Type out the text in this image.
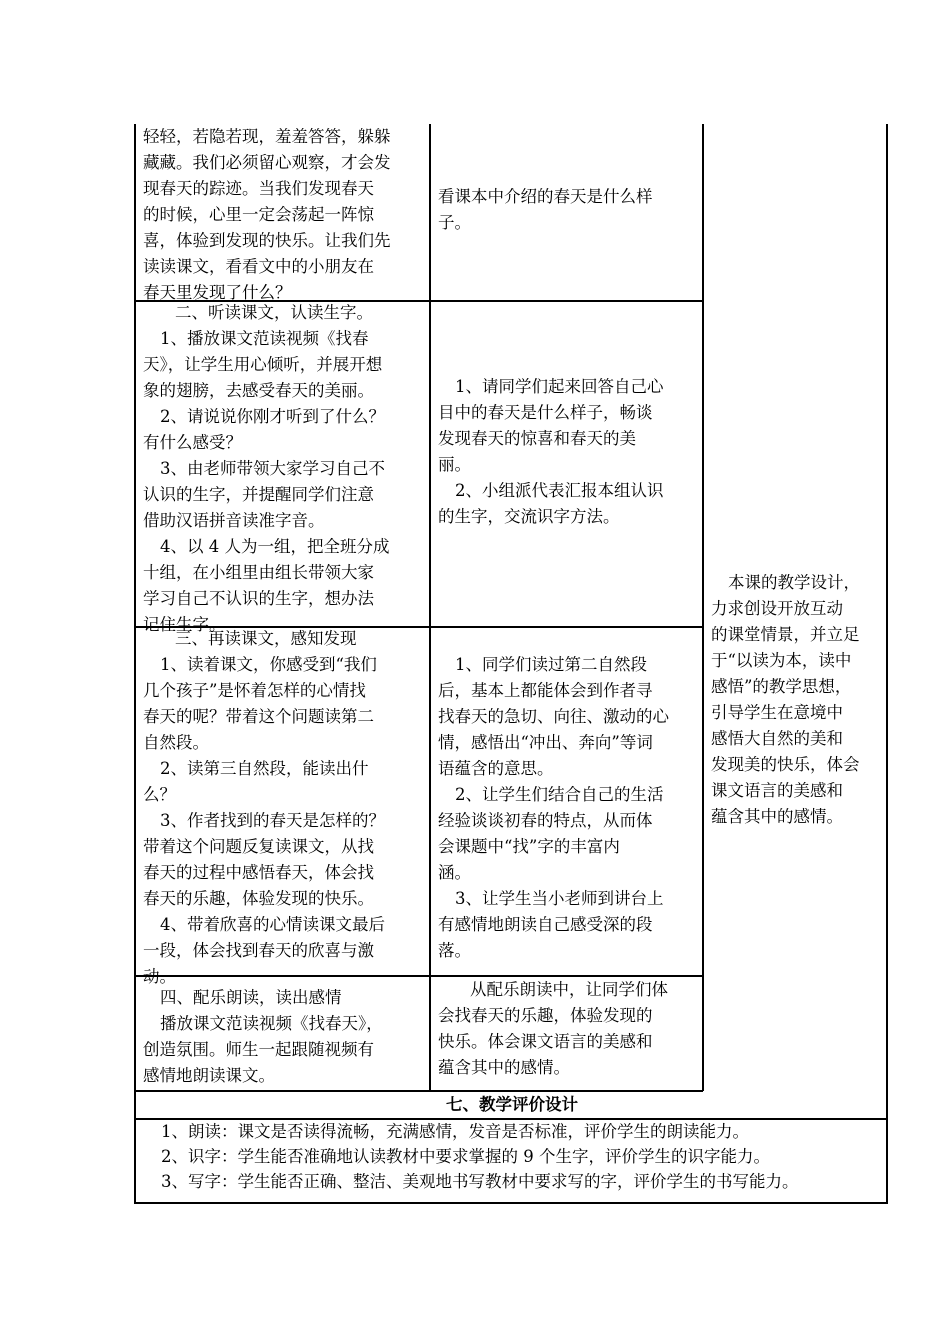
轻轻，若隐若现，羞羞答答，躲躲
藏藏。我们必须留心观察，才会发
现春天的踪迹。当我们发现春天
的时候，心里一定会荡起一阵惊
喜，体验到发现的快乐。让我们先
读读课文，看看文中的小朋友在
春天里发现了什么？
看课本中介绍的春天是什么样
子。
二、听读课文，认读生字。
1、播放课文范读视频《找春
天》，让学生用心倾听，并展开想
象的翅膀，去感受春天的美丽。
2、请说说你刚才听到了什么？
有什么感受？
3、由老师带领大家学习自己不
认识的生字，并提醒同学们注意
借助汉语拼音读准字音。
4、以 4 人为一组，把全班分成
十组，在小组里由组长带领大家
学习自己不认识的生字，想办法
记住生字。
1、请同学们起来回答自己心
目中的春天是什么样子，畅谈
发现春天的惊喜和春天的美
丽。
2、小组派代表汇报本组认识
的生字，交流识字方法。
三、再读课文，感知发现
1、读着课文，你感受到“我们
几个孩子”是怀着怎样的心情找
春天的呢？带着这个问题读第二
自然段。
2、读第三自然段，能读出什
么？
3、作者找到的春天是怎样的？
带着这个问题反复读课文，从找
春天的过程中感悟春天，体会找
春天的乐趣，体验发现的快乐。
4、带着欣喜的心情读课文最后
一段，体会找到春天的欣喜与激
动。
1、同学们读过第二自然段
后，基本上都能体会到作者寻
找春天的急切、向往、激动的心
情，感悟出“冲出、奔向”等词
语蕴含的意思。
2、让学生们结合自己的生活
经验谈谈初春的特点，从而体
会课题中“找”字的丰富内
涵。
3、让学生当小老师到讲台上
有感情地朗读自己感受深的段
落。
四、配乐朗读，读出感情
播放课文范读视频《找春天》，
创造氛围。师生一起跟随视频有
感情地朗读课文。
从配乐朗读中，让同学们体
会找春天的乐趣，体验发现的
快乐。体会课文语言的美感和
蕴含其中的感情。
本课的教学设计，
力求创设开放互动
的课堂情景，并立足
于“以读为本，读中
感悟”的教学思想，
引导学生在意境中
感悟大自然的美和
发现美的快乐，体会
课文语言的美感和
蕴含其中的感情。
七、教学评价设计
1、朗读：课文是否读得流畅，充满感情，发音是否标准，评价学生的朗读能力。
2、识字：学生能否准确地认读教材中要求掌握的 9 个生字，评价学生的识字能力。
3、写字：学生能否正确、整洁、美观地书写教材中要求写的字，评价学生的书写能力。
